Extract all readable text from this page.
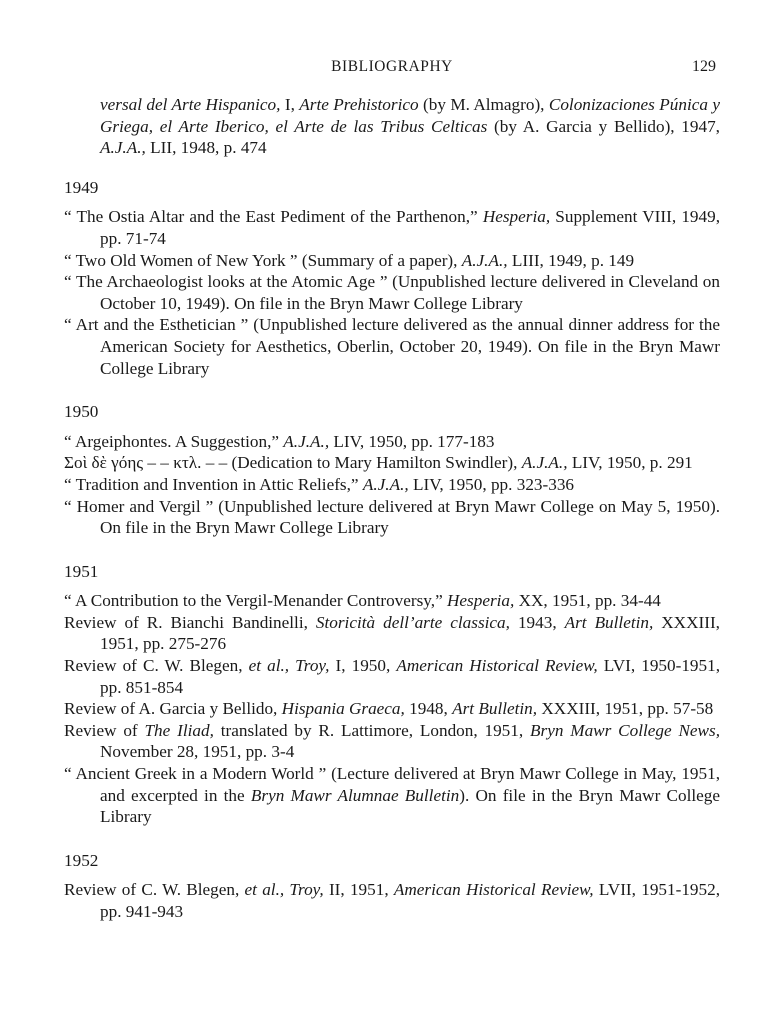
BIBLIOGRAPHY	129

versal del Arte Hispanico, I, Arte Prehistorico (by M. Almagro), Colonizaciones Púnica y Griega, el Arte Iberico, el Arte de las Tribus Celticas (by A. Garcia y Bellido), 1947, A.J.A., LII, 1948, p. 474

1949

“ The Ostia Altar and the East Pediment of the Parthenon,” Hesperia, Supplement VIII, 1949, pp. 71-74

“ Two Old Women of New York ” (Summary of a paper), A.J.A., LIII, 1949, p. 149

“ The Archaeologist looks at the Atomic Age ” (Unpublished lecture delivered in Cleveland on October 10, 1949). On file in the Bryn Mawr College Library

“ Art and the Esthetician ” (Unpublished lecture delivered as the annual dinner address for the American Society for Aesthetics, Oberlin, October 20, 1949). On file in the Bryn Mawr College Library

1950

“ Argeiphontes. A Suggestion,” A.J.A., LIV, 1950, pp. 177-183

Σοὶ δὲ γόης – – κτλ. – – (Dedication to Mary Hamilton Swindler), A.J.A., LIV, 1950, p. 291

“ Tradition and Invention in Attic Reliefs,” A.J.A., LIV, 1950, pp. 323-336

“ Homer and Vergil ” (Unpublished lecture delivered at Bryn Mawr College on May 5, 1950). On file in the Bryn Mawr College Library

1951

“ A Contribution to the Vergil-Menander Controversy,” Hesperia, XX, 1951, pp. 34-44

Review of R. Bianchi Bandinelli, Storicità dell’arte classica, 1943, Art Bulletin, XXXIII, 1951, pp. 275-276

Review of C. W. Blegen, et al., Troy, I, 1950, American Historical Review, LVI, 1950-1951, pp. 851-854

Review of A. Garcia y Bellido, Hispania Graeca, 1948, Art Bulletin, XXXIII, 1951, pp. 57-58

Review of The Iliad, translated by R. Lattimore, London, 1951, Bryn Mawr College News, November 28, 1951, pp. 3-4

“ Ancient Greek in a Modern World ” (Lecture delivered at Bryn Mawr College in May, 1951, and excerpted in the Bryn Mawr Alumnae Bulletin). On file in the Bryn Mawr College Library

1952

Review of C. W. Blegen, et al., Troy, II, 1951, American Historical Review, LVII, 1951-1952, pp. 941-943
